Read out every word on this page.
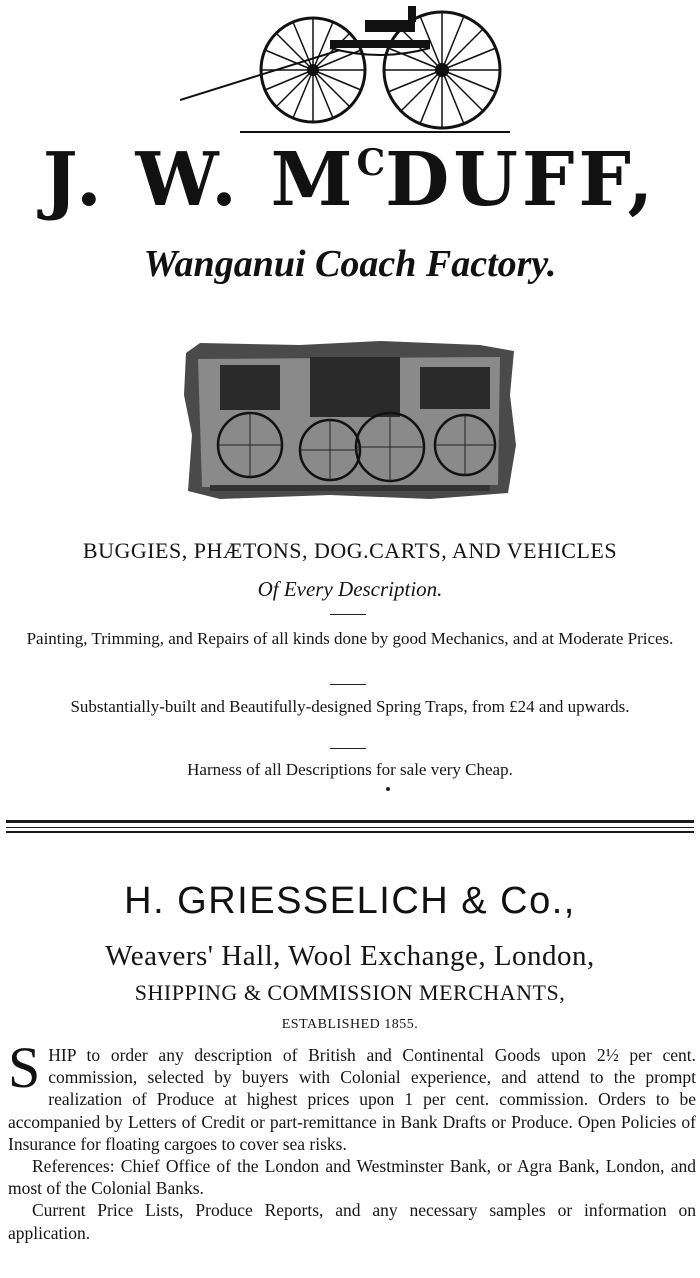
J. W. $M^CDUFF$,
Wanganui Coach Factory.
BUGGIES, PHÆTONS, DOG.CARTS, AND VEHICLES
Of Every Description.
Painting, Trimming, and Repairs of all kinds done by good Mechanics, and at Moderate Prices.
Substantially-built and Beautifully-designed Spring Traps, from £24 and upwards.
Harness of all Descriptions for sale very Cheap.
H. GRIESSELICH & Co.,
Weavers' Hall, Wool Exchange, London,
SHIPPING & COMMISSION MERCHANTS,
ESTABLISHED 1855.

SHIP to order any description of British and Continental Goods upon 2½ per cent. commission, selected by buyers with Colonial experience, and attend to the prompt realization of Produce at highest prices upon 1 per cent. commission. Orders to be accompanied by Letters of Credit or part-remittance in Bank Drafts or Produce. Open Policies of Insurance for floating cargoes to cover sea risks.

References: Chief Office of the London and Westminster Bank, or Agra Bank, London, and most of the Colonial Banks.

Current Price Lists, Produce Reports, and any necessary samples or information on application.
